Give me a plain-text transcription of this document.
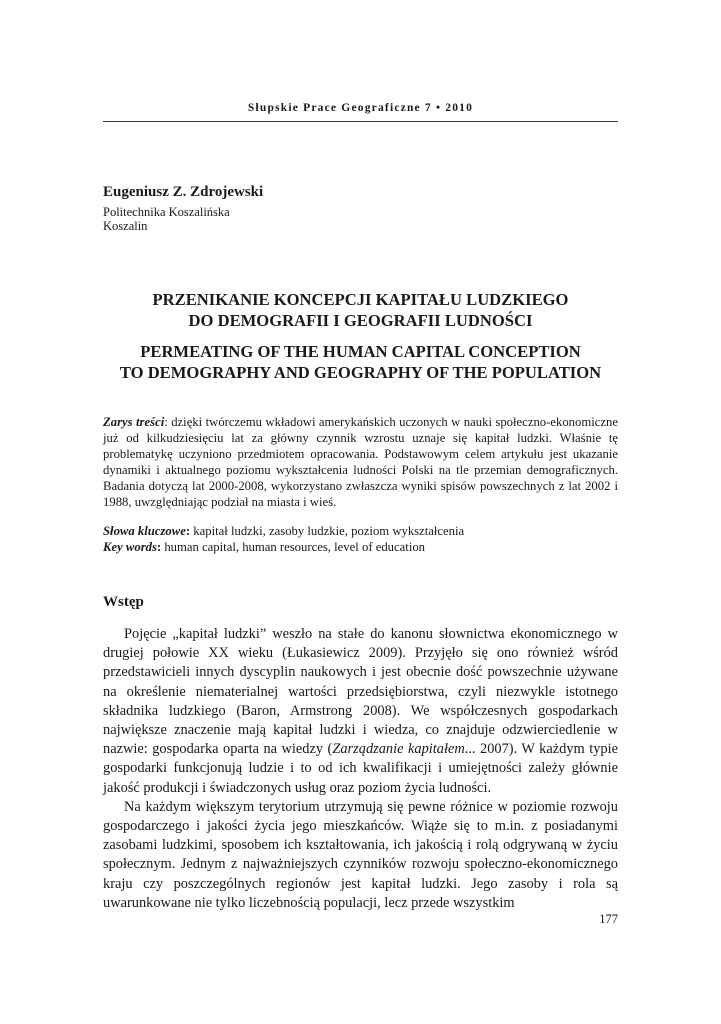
Słupskie Prace Geograficzne 7 • 2010
Eugeniusz Z. Zdrojewski
Politechnika Koszalińska
Koszalin
PRZENIKANIE KONCEPCJI KAPITAŁU LUDZKIEGO
DO DEMOGRAFII I GEOGRAFII LUDNOŚCI
PERMEATING OF THE HUMAN CAPITAL CONCEPTION
TO DEMOGRAPHY AND GEOGRAPHY OF THE POPULATION

Zarys treści: dzięki twórczemu wkładowi amerykańskich uczonych w nauki społeczno-ekonomiczne już od kilkudziesięciu lat za główny czynnik wzrostu uznaje się kapitał ludzki. Właśnie tę problematykę uczyniono przedmiotem opracowania. Podstawowym celem artykułu jest ukazanie dynamiki i aktualnego poziomu wykształcenia ludności Polski na tle przemian demograficznych. Badania dotyczą lat 2000-2008, wykorzystano zwłaszcza wyniki spisów powszechnych z lat 2002 i 1988, uwzględniając podział na miasta i wieś.

Słowa kluczowe: kapitał ludzki, zasoby ludzkie, poziom wykształcenia
Key words: human capital, human resources, level of education
Wstęp

Pojęcie „kapitał ludzki” weszło na stałe do kanonu słownictwa ekonomicznego w drugiej połowie XX wieku (Łukasiewicz 2009). Przyjęło się ono również wśród przedstawicieli innych dyscyplin naukowych i jest obecnie dość powszechnie używane na określenie niematerialnej wartości przedsiębiorstwa, czyli niezwykle istotnego składnika ludzkiego (Baron, Armstrong 2008). We współczesnych gospodarkach największe znaczenie mają kapitał ludzki i wiedza, co znajduje odzwierciedlenie w nazwie: gospodarka oparta na wiedzy (Zarządzanie kapitałem... 2007). W każdym typie gospodarki funkcjonują ludzie i to od ich kwalifikacji i umiejętności zależy głównie jakość produkcji i świadczonych usług oraz poziom życia ludności.

Na każdym większym terytorium utrzymują się pewne różnice w poziomie rozwoju gospodarczego i jakości życia jego mieszkańców. Wiąże się to m.in. z posiadanymi zasobami ludzkimi, sposobem ich kształtowania, ich jakością i rolą odgrywaną w życiu społecznym. Jednym z najważniejszych czynników rozwoju społeczno-ekonomicznego kraju czy poszczególnych regionów jest kapitał ludzki. Jego zasoby i rola są uwarunkowane nie tylko liczebnością populacji, lecz przede wszystkim

177
